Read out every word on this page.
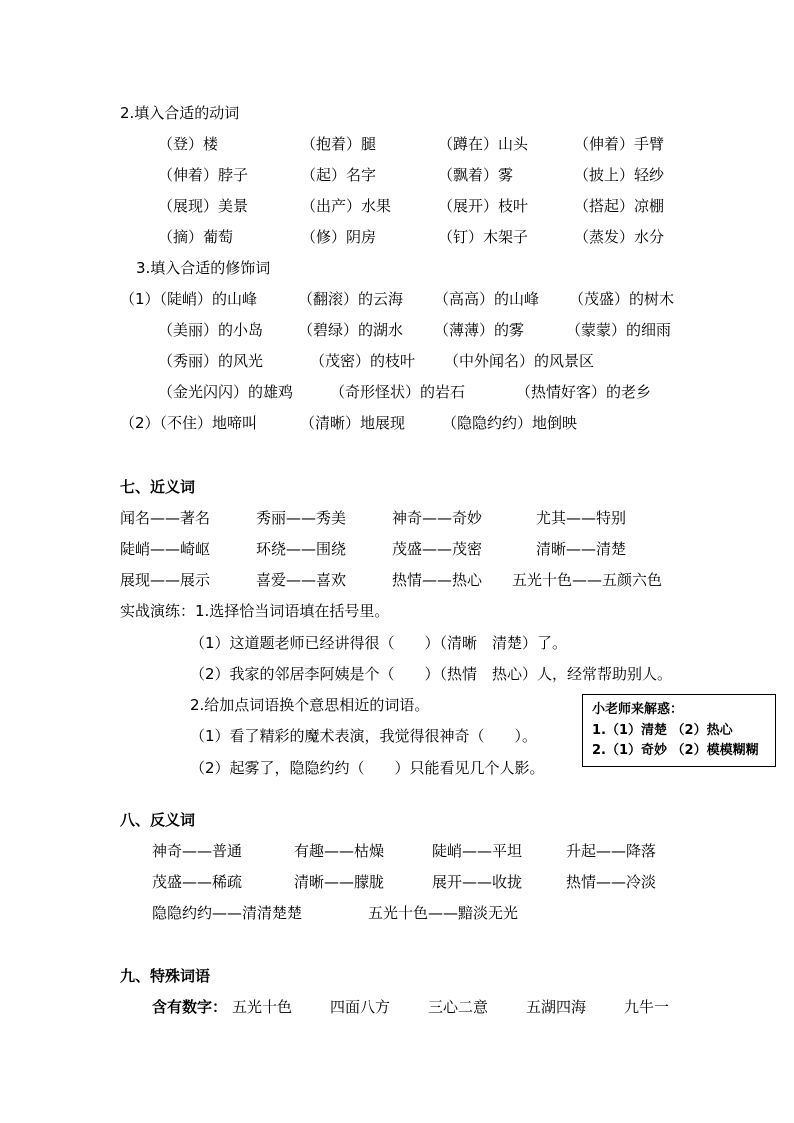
2.填入合适的动词
（登）楼	（抱着）腿	（蹲在）山头	（伸着）手臂
（伸着）脖子	（起）名字	（飘着）雾	（披上）轻纱
（展现）美景	（出产）水果	（展开）枝叶	（搭起）凉棚
（摘）葡萄	（修）阴房	（钉）木架子	（蒸发）水分
3.填入合适的修饰词
（1）（陡峭）的山峰	（翻滚）的云海 （高高）的山峰 （茂盛）的树木
（美丽）的小岛 （碧绿）的湖水 （薄薄）的雾	（蒙蒙）的细雨
（秀丽）的风光	（茂密）的枝叶 （中外闻名）的风景区
（金光闪闪）的雄鸡 （奇形怪状）的岩石	（热情好客）的老乡
（2）（不住）地啼叫	（清晰）地展现 （隐隐约约）地倒映
七、近义词
闻名——著名	秀丽——秀美	神奇——奇妙	尤其——特别
陡峭——崎岖	环绕——围绕	茂盛——茂密	清晰——清楚
展现——展示	喜爱——喜欢	热情——热心 五光十色——五颜六色
实战演练：1.选择恰当词语填在括号里。
（1）这道题老师已经讲得很（　　）（清晰　清楚）了。
（2）我家的邻居李阿姨是个（　　）（热情　热心）人，经常帮助别人。
2.给加点词语换个意思相近的词语。
（1）看了精彩的魔术表演，我觉得很神奇（　　）。
（2）起雾了，隐隐约约（　　）只能看见几个人影。
小老师来解惑：
1.（1）清楚 （2）热心
2.（1）奇妙 （2）模模糊糊
八、反义词
神奇——普通	有趣——枯燥	陡峭——平坦	升起——降落
茂盛——稀疏	清晰——朦胧	展开——收拢	热情——冷淡
隐隐约约——清清楚楚	五光十色——黯淡无光
九、特殊词语
含有数字： 五光十色	四面八方	三心二意	五湖四海	九牛一
